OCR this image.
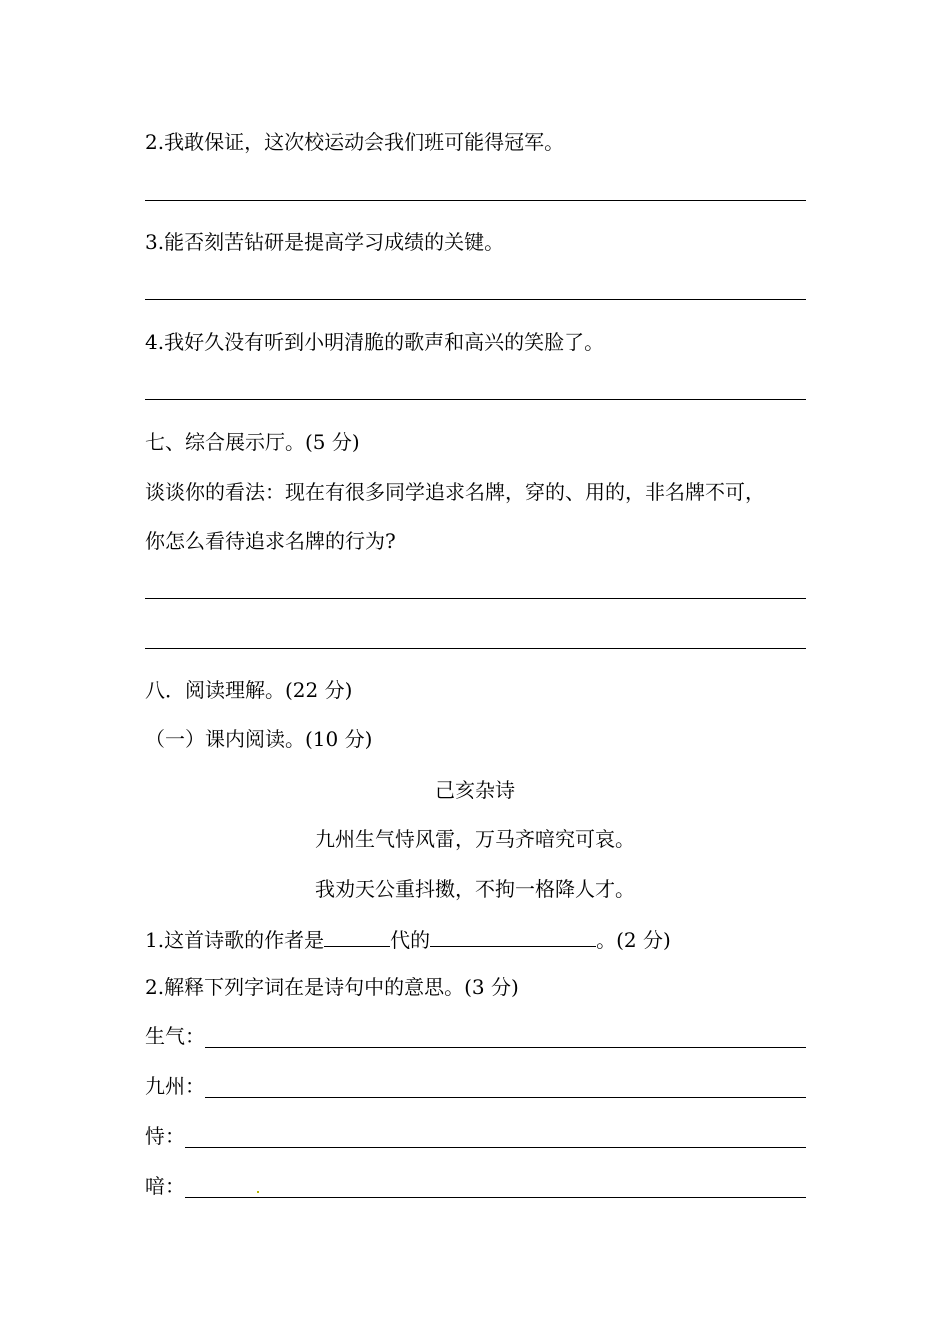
2.我敢保证，这次校运动会我们班可能得冠军。
3.能否刻苦钻研是提高学习成绩的关键。
4.我好久没有听到小明清脆的歌声和高兴的笑脸了。
七、综合展示厅。(5 分)
谈谈你的看法：现在有很多同学追求名牌，穿的、用的，非名牌不可，
你怎么看待追求名牌的行为?
八．阅读理解。(22 分)
（一）课内阅读。(10 分)
己亥杂诗
九州生气恃风雷，万马齐喑究可哀。
我劝天公重抖擞，不拘一格降人才。
1.这首诗歌的作者是	代的	。(2 分)
2.解释下列字词在是诗句中的意思。(3 分)
生气：
九州：
恃：
喑：
